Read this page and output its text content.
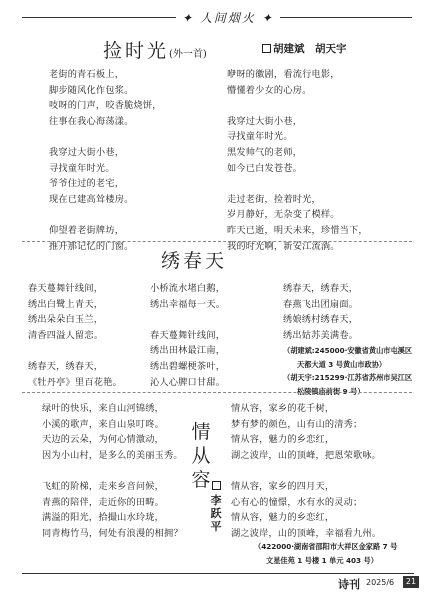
✦ 人间烟火 ✦
捡时光(外一首)	胡建斌　胡天宇

老街的青石板上，

脚步随风化作包浆。

吱呀的门声，咬香脆烧饼，

往事在我心海荡漾。

我穿过大街小巷，

寻找童年时光。

爷爷住过的老宅，

现在已建高耸楼房。

仰望着老街牌坊，

推开那记忆的门窗。

咿呀的徽剧，看流行电影，

懵懂着少女的心房。

我穿过大街小巷，

寻找童年时光。

黑发帅气的老师，

如今已白发苍苍。

走过老街，捡着时光，

岁月静好，无杂变了模样。

昨天已逝，明天未来，珍惜当下，

我的时光啊，新安江流淌。

绣春天

春天蔓舞针线间，

绣出白鹭上青天，

绣出朵朵白玉兰，

清香四溢人留恋。

绣春天，绣春天，

《牡丹亭》里百花艳。

小桥流水堵白鹅，

绣出幸福每一天。

春天蔓舞针线间，

绣出田林最江南，

绣出碧螺梗茶叶，

沁人心脾口甘甜。

绣春天，绣春天，

春燕飞出团扇面。

绣娘绣村绣春天，

绣出姑苏美满卷。

（胡建斌:245000·安徽省黄山市屯溪区
天都大道 3 号黄山市政协）
（胡天宇:215299·江苏省苏州市吴江区
松陵镇庙前街 9 号）

绿叶的快乐，来自山河锦绣，

小溪的歌声，来自山泉叮咚。

天边的云朵，为何心情激动，

因为小山村，是多么的美丽玉秀。

飞虹的阶梯，走来乡音问候，

青燕的陪伴，走近你的田畴。

满溢的阳光，拾撮山水玲珑，

同青梅竹马，何处有浪漫的相拥？

情
从
容
李
跃
平

情从容，家乡的花千树，

梦有梦的颜色，山有山的清秀；

情从容，魅力的乡恋红，

湖之波岸，山的顶峰，把恩荣歌咏。

情从容，家乡的四月天，

心有心的憧憬，水有水的灵动；

情从容，魅力的乡恋红，

湖之波岸，山的顶峰，幸福看九州。

（422000·湖南省邵阳市大祥区金家路 7 号
文星佳苑 1 号楼 1 单元 403 号）
诗刊 2025/6	21
